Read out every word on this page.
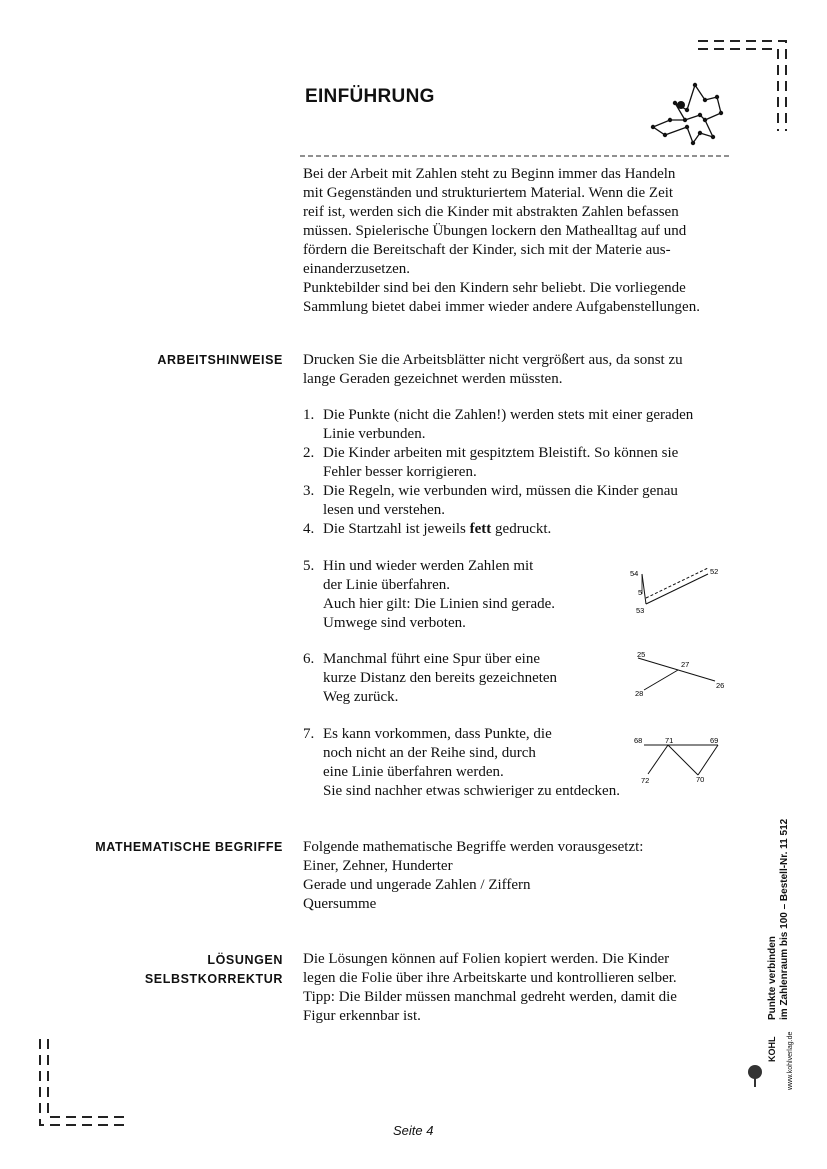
EINFÜHRUNG

Bei der Arbeit mit Zahlen steht zu Beginn immer das Handeln

mit Gegenständen und strukturiertem Material. Wenn die Zeit

reif ist, werden sich die Kinder mit abstrakten Zahlen befassen

müssen. Spielerische Übungen lockern den Mathealltag auf und

fördern die Bereitschaft der Kinder, sich mit der Materie aus-

einanderzusetzen.

Punktebilder sind bei den Kindern sehr beliebt. Die vorliegende

Sammlung bietet dabei immer wieder andere Aufgabenstellungen.

ARBEITSHINWEISE Drucken Sie die Arbeitsblätter nicht vergrößert aus, da sonst zu

lange Geraden gezeichnet werden müssten.

1. Die Punkte (nicht die Zahlen!) werden stets mit einer geraden
Linie verbunden.
2. Die Kinder arbeiten mit gespitztem Bleistift. So können sie
Fehler besser korrigieren.
3. Die Regeln, wie verbunden wird, müssen die Kinder genau
lesen und verstehen.
4. Die Startzahl ist jeweils fett gedruckt.
5. Hin und wieder werden Zahlen mit
der Linie überfahren.
Auch hier gilt: Die Linien sind gerade.
Umwege sind verboten.
6. Manchmal führt eine Spur über eine
kurze Distanz den bereits gezeichneten
Weg zurück.
7. Es kann vorkommen, dass Punkte, die
noch nicht an der Reihe sind, durch
eine Linie überfahren werden.
Sie sind nachher etwas schwieriger zu entdecken.
54	52
5
53
25
27
26
28
68	71	69
72	70
MATHEMATISCHE BEGRIFFE Folgende mathematische Begriffe werden vorausgesetzt:

Einer, Zehner, Hunderter

Gerade und ungerade Zahlen / Ziffern

Quersumme

LÖSUNGEN
SELBSTKORREKTUR

Die Lösungen können auf Folien kopiert werden. Die Kinder

legen die Folie über ihre Arbeitskarte und kontrollieren selber.

Tipp: Die Bilder müssen manchmal gedreht werden, damit die

Figur erkennbar ist.	Punkte verbinden im Zahlenraum bis 100 – Bestell-Nr. 11 512
KOHL www.kohlverlag.de
Seite 4
